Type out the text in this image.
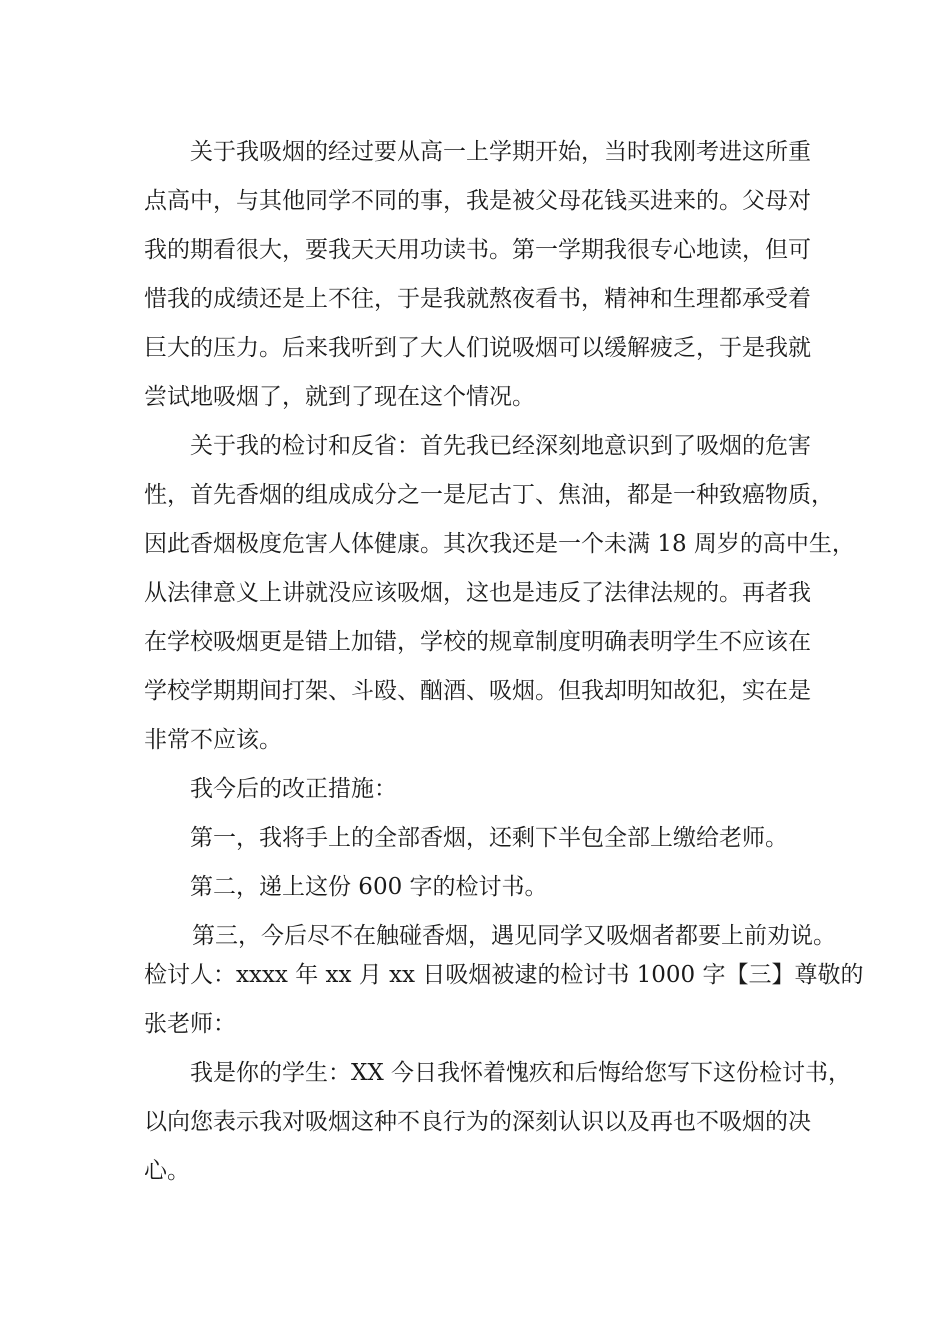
关于我吸烟的经过要从高一上学期开始，当时我刚考进这所重
点高中，与其他同学不同的事，我是被父母花钱买进来的。父母对
我的期看很大，要我天天用功读书。第一学期我很专心地读，但可
惜我的成绩还是上不往，于是我就熬夜看书，精神和生理都承受着
巨大的压力。后来我听到了大人们说吸烟可以缓解疲乏，于是我就
尝试地吸烟了，就到了现在这个情况。
关于我的检讨和反省：首先我已经深刻地意识到了吸烟的危害
性，首先香烟的组成成分之一是尼古丁、焦油，都是一种致癌物质，
因此香烟极度危害人体健康。其次我还是一个未满 18 周岁的高中生，
从法律意义上讲就没应该吸烟，这也是违反了法律法规的。再者我
在学校吸烟更是错上加错，学校的规章制度明确表明学生不应该在
学校学期期间打架、斗殴、酗酒、吸烟。但我却明知故犯，实在是
非常不应该。
我今后的改正措施：
第一，我将手上的全部香烟，还剩下半包全部上缴给老师。
第二，递上这份 600 字的检讨书。
第三，今后尽不在触碰香烟，遇见同学又吸烟者都要上前劝说。
检讨人：xxxx 年 xx 月 xx 日吸烟被逮的检讨书 1000 字【三】尊敬的
张老师：
我是你的学生：XX 今日我怀着愧疚和后悔给您写下这份检讨书，
以向您表示我对吸烟这种不良行为的深刻认识以及再也不吸烟的决
心。
